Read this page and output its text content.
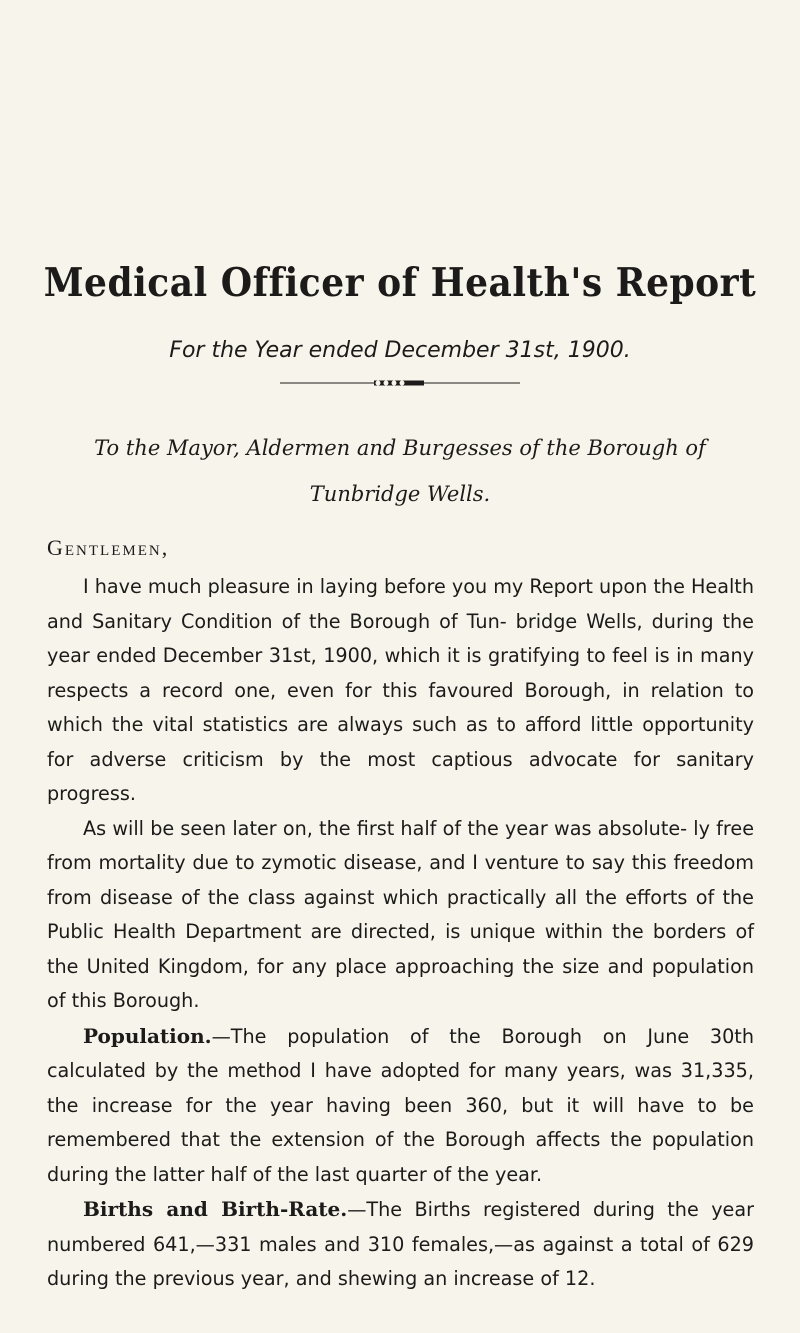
Medical Officer of Health's Report

For the Year ended December 31st, 1900.

To the Mayor, Aldermen and Burgesses of the Borough of
Tunbridge Wells.

Gentlemen,

I have much pleasure in laying before you my Report upon the Health and Sanitary Condition of the Borough of Tun- bridge Wells, during the year ended December 31st, 1900, which it is gratifying to feel is in many respects a record one, even for this favoured Borough, in relation to which the vital statistics are always such as to afford little opportunity for adverse criticism by the most captious advocate for sanitary progress.

As will be seen later on, the first half of the year was absolute- ly free from mortality due to zymotic disease, and I venture to say this freedom from disease of the class against which practically all the efforts of the Public Health Department are directed, is unique within the borders of the United Kingdom, for any place approaching the size and population of this Borough.

Population.—The population of the Borough on June 30th calculated by the method I have adopted for many years, was 31,335, the increase for the year having been 360, but it will have to be remembered that the extension of the Borough affects the population during the latter half of the last quarter of the year.

Births and Birth-Rate.—The Births registered during the year numbered 641,—331 males and 310 females,—as against a total of 629 during the previous year, and shewing an increase of 12.
